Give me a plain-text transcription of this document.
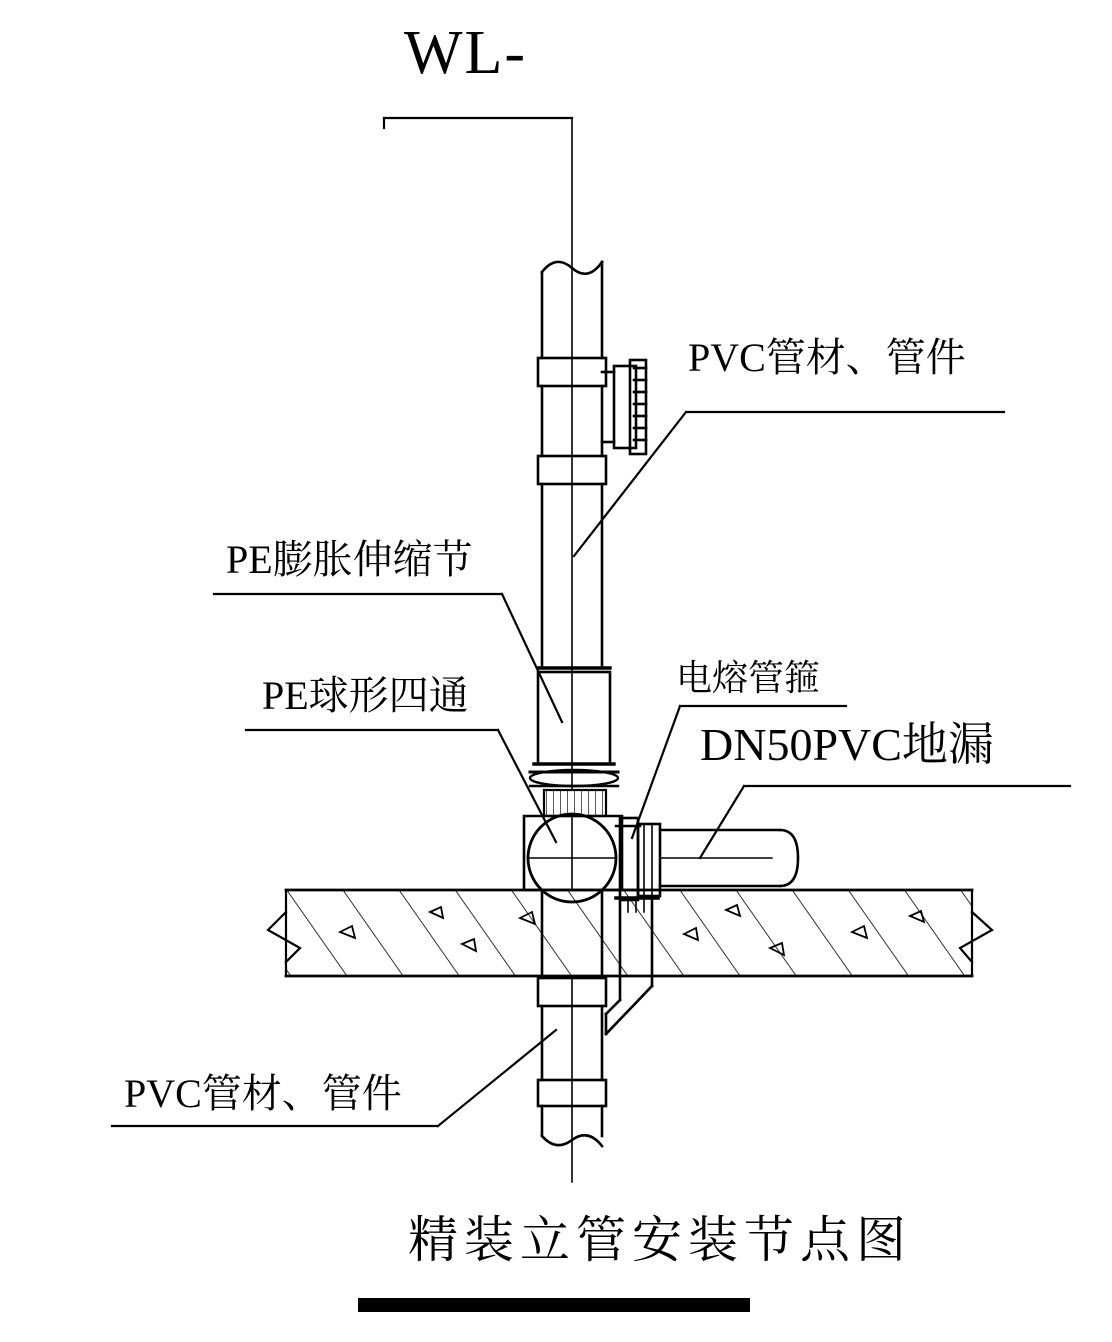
WL-
PVC管材、管件
PE膨胀伸缩节
PE球形四通	电熔管箍
DN50PVC地漏
PVC管材、管件
精装立管安装节点图
